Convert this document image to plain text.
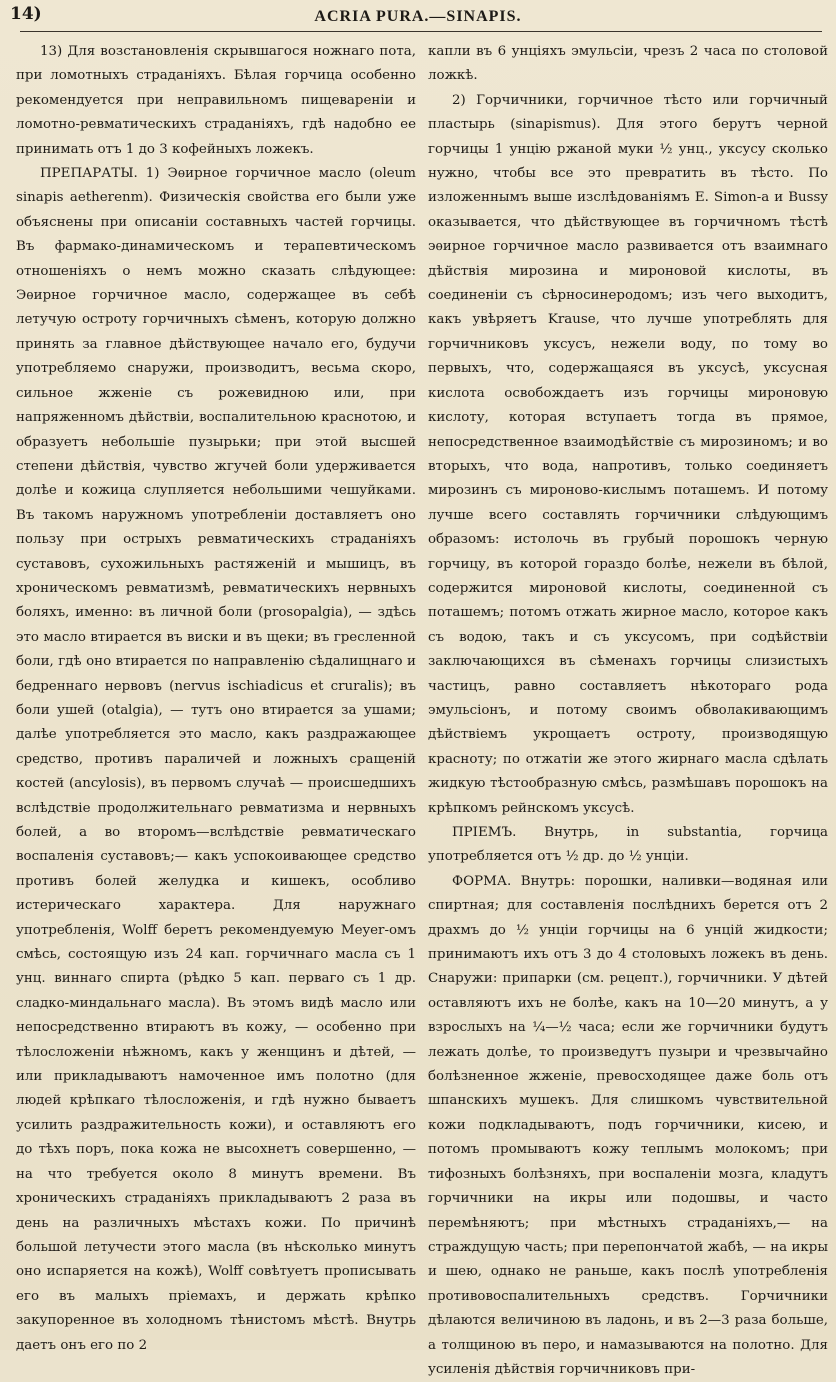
14)	ACRIA PURA.—SINAPIS.

13) Для возстановленія скрывшагося ножнаго пота, при ломотныхъ страданіяхъ. Бѣлая горчица особенно рекомендуется при неправильномъ пищевареніи и ломотно-ревматическихъ страданіяхъ, гдѣ надобно ее принимать отъ 1 до 3 кофейныхъ ложекъ.

ПРЕПАРАТЫ. 1) Эѳирное горчичное масло (oleum sinapis aetherenm). Физическія свойства его были уже объяснены при описаніи составныхъ частей горчицы. Въ фармако-динамическомъ и терапевтическомъ отношеніяхъ о немъ можно сказать слѣдующее: Эѳирное горчичное масло, содержащее въ себѣ летучую остроту горчичныхъ сѣменъ, которую должно принять за главное дѣйствующее начало его, будучи употребляемо снаружи, производитъ, весьма скоро, сильное жженіе съ рожевидною или, при напряженномъ дѣйствіи, воспалительною краснотою, и образуетъ небольшіе пузырьки; при этой высшей степени дѣйствія, чувство жгучей боли удерживается долѣе и кожица слупляется небольшими чешуйками. Въ такомъ наружномъ употребленіи доставляетъ оно пользу при острыхъ ревматическихъ страданіяхъ суставовъ, сухожильныхъ растяженій и мышицъ, въ хроническомъ ревматизмѣ, ревматическихъ нервныхъ боляхъ, именно: въ личной боли (prosopalgia), — здѣсь это масло втирается въ виски и въ щеки; въ гресленной боли, гдѣ оно втирается по направленію сѣдалищнаго и бедреннаго нервовъ (nervus ischiadicus et cruralis); въ боли ушей (otalgia), — тутъ оно втирается за ушами; далѣе употребляется это масло, какъ раздражающее средство, противъ параличей и ложныхъ сращеній костей (ancylosis), въ первомъ случаѣ — происшедшихъ вслѣдствіе продолжительнаго ревматизма и нервныхъ болей, а во второмъ—вслѣдствіе ревматическаго воспаленія суставовъ;— какъ успокоивающее средство противъ болей желудка и кишекъ, особливо истерическаго характера. Для наружнаго употребленія, Wolff беретъ рекомендуемую Meyer-омъ смѣсь, состоящую изъ 24 кап. горчичнаго масла съ 1 унц. виннаго спирта (рѣдко 5 кап. перваго съ 1 др. сладко-миндальнаго масла). Въ этомъ видѣ масло или непосредственно втираютъ въ кожу, — особенно при тѣлосложеніи нѣжномъ, какъ у женщинъ и дѣтей, — или прикладываютъ намоченное имъ полотно (для людей крѣпкаго тѣлосложенія, и гдѣ нужно бываетъ усилить раздражительность кожи), и оставляютъ его до тѣхъ поръ, пока кожа не высохнетъ совершенно, — на что требуется около 8 минутъ времени. Въ хроническихъ страданіяхъ прикладываютъ 2 раза въ день на различныхъ мѣстахъ кожи. По причинѣ большой летучести этого масла (въ нѣсколько минутъ оно испаряется на кожѣ), Wolff совѣтуетъ прописывать его въ малыхъ пріемахъ, и держать крѣпко закупоренное въ холодномъ тѣнистомъ мѣстѣ. Внутрь даетъ онъ его по 2

капли въ 6 унціяхъ эмульсіи, чрезъ 2 часа по столовой ложкѣ.

2) Горчичники, горчичное тѣсто или горчичный пластырь (sinapismus). Для этого берутъ черной горчицы 1 унцію ржаной муки ½ унц., уксусу сколько нужно, чтобы все это превратить въ тѣсто. По изложеннымъ выше изслѣдованіямъ E. Simon-а и Bussy оказывается, что дѣйствующее въ горчичномъ тѣстѣ эѳирное горчичное масло развивается отъ взаимнаго дѣйствія мирозина и мироновой кислоты, въ соединеніи съ сѣрносинеродомъ; изъ чего выходитъ, какъ увѣряетъ Krause, что лучше употреблять для горчичниковъ уксусъ, нежели воду, по тому во первыхъ, что, содержащаяся въ уксусѣ, уксусная кислота освобождаетъ изъ горчицы мироновую кислоту, которая вступаетъ тогда въ прямое, непосредственное взаимодѣйствіе съ мирозиномъ; и во вторыхъ, что вода, напротивъ, только соединяетъ мирозинъ съ мироново-кислымъ поташемъ. И потому лучше всего составлять горчичники слѣдующимъ образомъ: истолочь въ грубый порошокъ черную горчицу, въ которой гораздо болѣе, нежели въ бѣлой, содержится мироновой кислоты, соединенной съ поташемъ; потомъ отжать жирное масло, которое какъ съ водою, такъ и съ уксусомъ, при содѣйствіи заключающихся въ сѣменахъ горчицы слизистыхъ частицъ, равно составляетъ нѣкотораго рода эмульсіонъ, и потому своимъ обволакивающимъ дѣйствіемъ укрощаетъ остроту, производящую красноту; по отжатіи же этого жирнаго масла сдѣлать жидкую тѣстообразную смѣсь, размѣшавъ порошокъ на крѣпкомъ рейнскомъ уксусѣ.

ПРІЕМЪ. Внутрь, in substantia, горчица употребляется отъ ½ др. до ½ унціи.

ФОРМА. Внутрь: порошки, наливки—водяная или спиртная; для составленія послѣднихъ берется отъ 2 драхмъ до ½ унціи горчицы на 6 унцій жидкости; принимаютъ ихъ отъ 3 до 4 столовыхъ ложекъ въ день. Снаружи: припарки (см. рецепт.), горчичники. У дѣтей оставляютъ ихъ не болѣе, какъ на 10—20 минутъ, а у взрослыхъ на ¼—½ часа; если же горчичники будутъ лежать долѣе, то произведутъ пузыри и чрезвычайно болѣзненное жженіе, превосходящее даже боль отъ шпанскихъ мушекъ. Для слишкомъ чувствительной кожи подкладываютъ, подъ горчичники, кисею, и потомъ промываютъ кожу теплымъ молокомъ; при тифозныхъ болѣзняхъ, при воспаленіи мозга, кладутъ горчичники на икры или подошвы, и часто перемѣняютъ; при мѣстныхъ страданіяхъ,— на страждущую часть; при перепончатой жабѣ, — на икры и шею, однако не раньше, какъ послѣ употребленія противовоспалительныхъ средствъ. Горчичники дѣлаются величиною въ ладонь, и въ 2—3 раза больше, а толщиною въ перо, и намазываются на полотно. Для усиленія дѣйствія горчичниковъ при-
